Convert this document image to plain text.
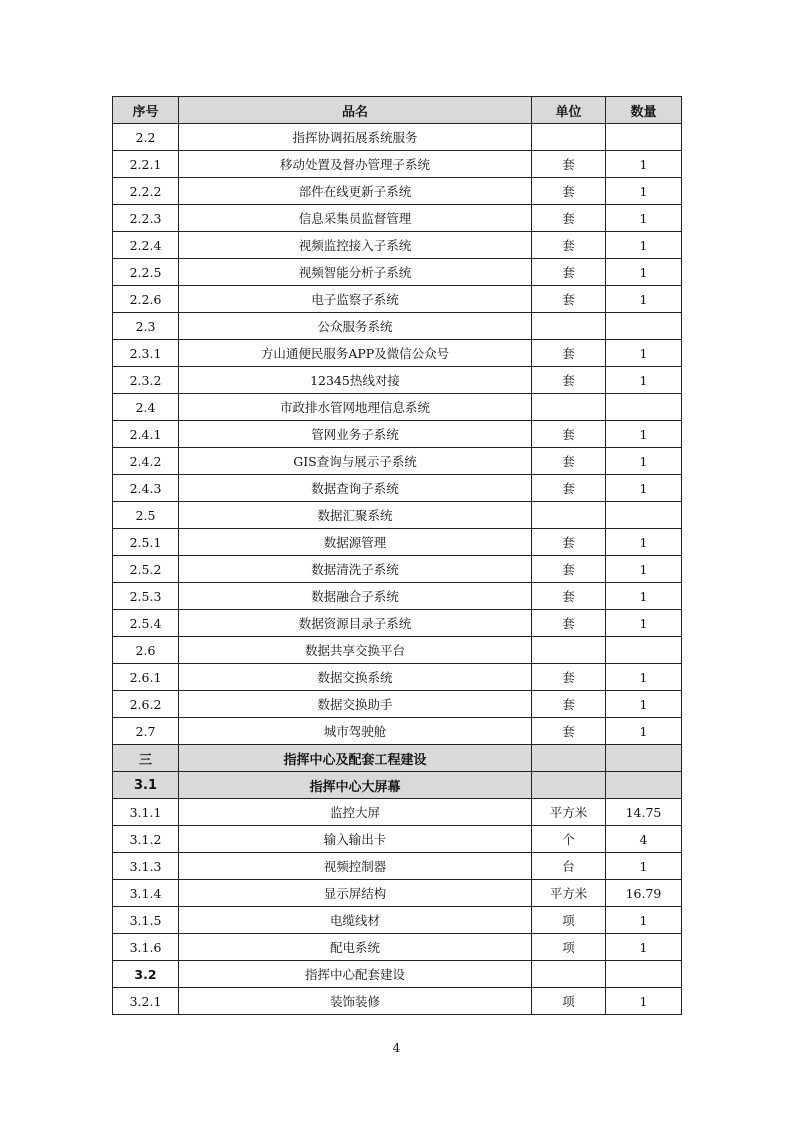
序号	品名	单位	数量
2.2	指挥协调拓展系统服务		
2.2.1	移动处置及督办管理子系统	套	1
2.2.2	部件在线更新子系统	套	1
2.2.3	信息采集员监督管理	套	1
2.2.4	视频监控接入子系统	套	1
2.2.5	视频智能分析子系统	套	1
2.2.6	电子监察子系统	套	1
2.3	公众服务系统		
2.3.1	方山通便民服务APP及微信公众号	套	1
2.3.2	12345热线对接	套	1
2.4	市政排水管网地理信息系统		
2.4.1	管网业务子系统	套	1
2.4.2	GIS查询与展示子系统	套	1
2.4.3	数据查询子系统	套	1
2.5	数据汇聚系统		
2.5.1	数据源管理	套	1
2.5.2	数据清洗子系统	套	1
2.5.3	数据融合子系统	套	1
2.5.4	数据资源目录子系统	套	1
2.6	数据共享交换平台		
2.6.1	数据交换系统	套	1
2.6.2	数据交换助手	套	1
2.7	城市驾驶舱	套	1
三	指挥中心及配套工程建设		
3.1	指挥中心大屏幕		
3.1.1	监控大屏	平方米	14.75
3.1.2	输入输出卡	个	4
3.1.3	视频控制器	台	1
3.1.4	显示屏结构	平方米	16.79
3.1.5	电缆线材	项	1
3.1.6	配电系统	项	1
3.2	指挥中心配套建设		
3.2.1	装饰装修	项	1
4
